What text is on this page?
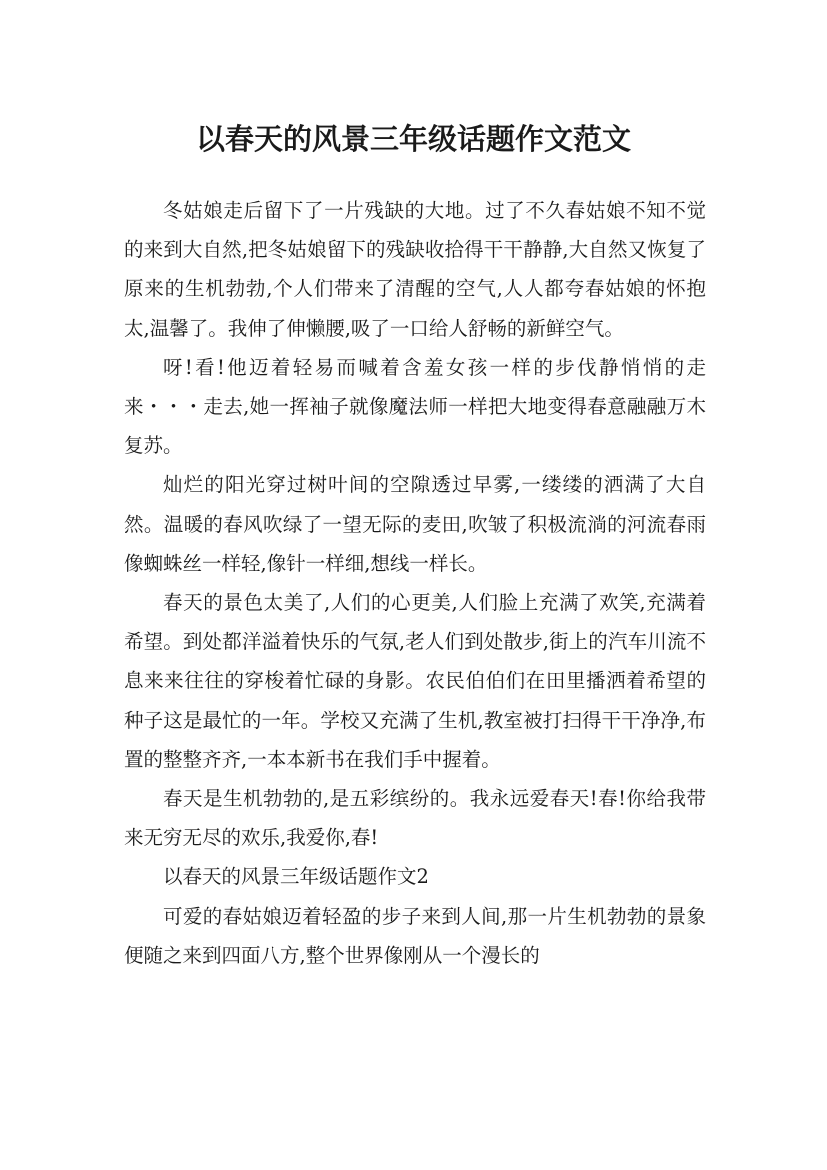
以春天的风景三年级话题作文范文

冬姑娘走后留下了一片残缺的大地。过了不久春姑娘不知不觉的来到大自然,把冬姑娘留下的残缺收拾得干干静静,大自然又恢复了原来的生机勃勃,个人们带来了清醒的空气,人人都夸春姑娘的怀抱太,温馨了。我伸了伸懒腰,吸了一口给人舒畅的新鲜空气。

呀!看!他迈着轻易而喊着含羞女孩一样的步伐静悄悄的走来・・・走去,她一挥袖子就像魔法师一样把大地变得春意融融万木复苏。

灿烂的阳光穿过树叶间的空隙透过早雾,一缕缕的洒满了大自然。温暖的春风吹绿了一望无际的麦田,吹皱了积极流淌的河流春雨像蜘蛛丝一样轻,像针一样细,想线一样长。

春天的景色太美了,人们的心更美,人们脸上充满了欢笑,充满着希望。到处都洋溢着快乐的气氛,老人们到处散步,街上的汽车川流不息来来往往的穿梭着忙碌的身影。农民伯伯们在田里播洒着希望的种子这是最忙的一年。学校又充满了生机,教室被打扫得干干净净,布置的整整齐齐,一本本新书在我们手中握着。

春天是生机勃勃的,是五彩缤纷的。我永远爱春天!春!你给我带来无穷无尽的欢乐,我爱你,春!

以春天的风景三年级话题作文2

可爱的春姑娘迈着轻盈的步子来到人间,那一片生机勃勃的景象便随之来到四面八方,整个世界像刚从一个漫长的
